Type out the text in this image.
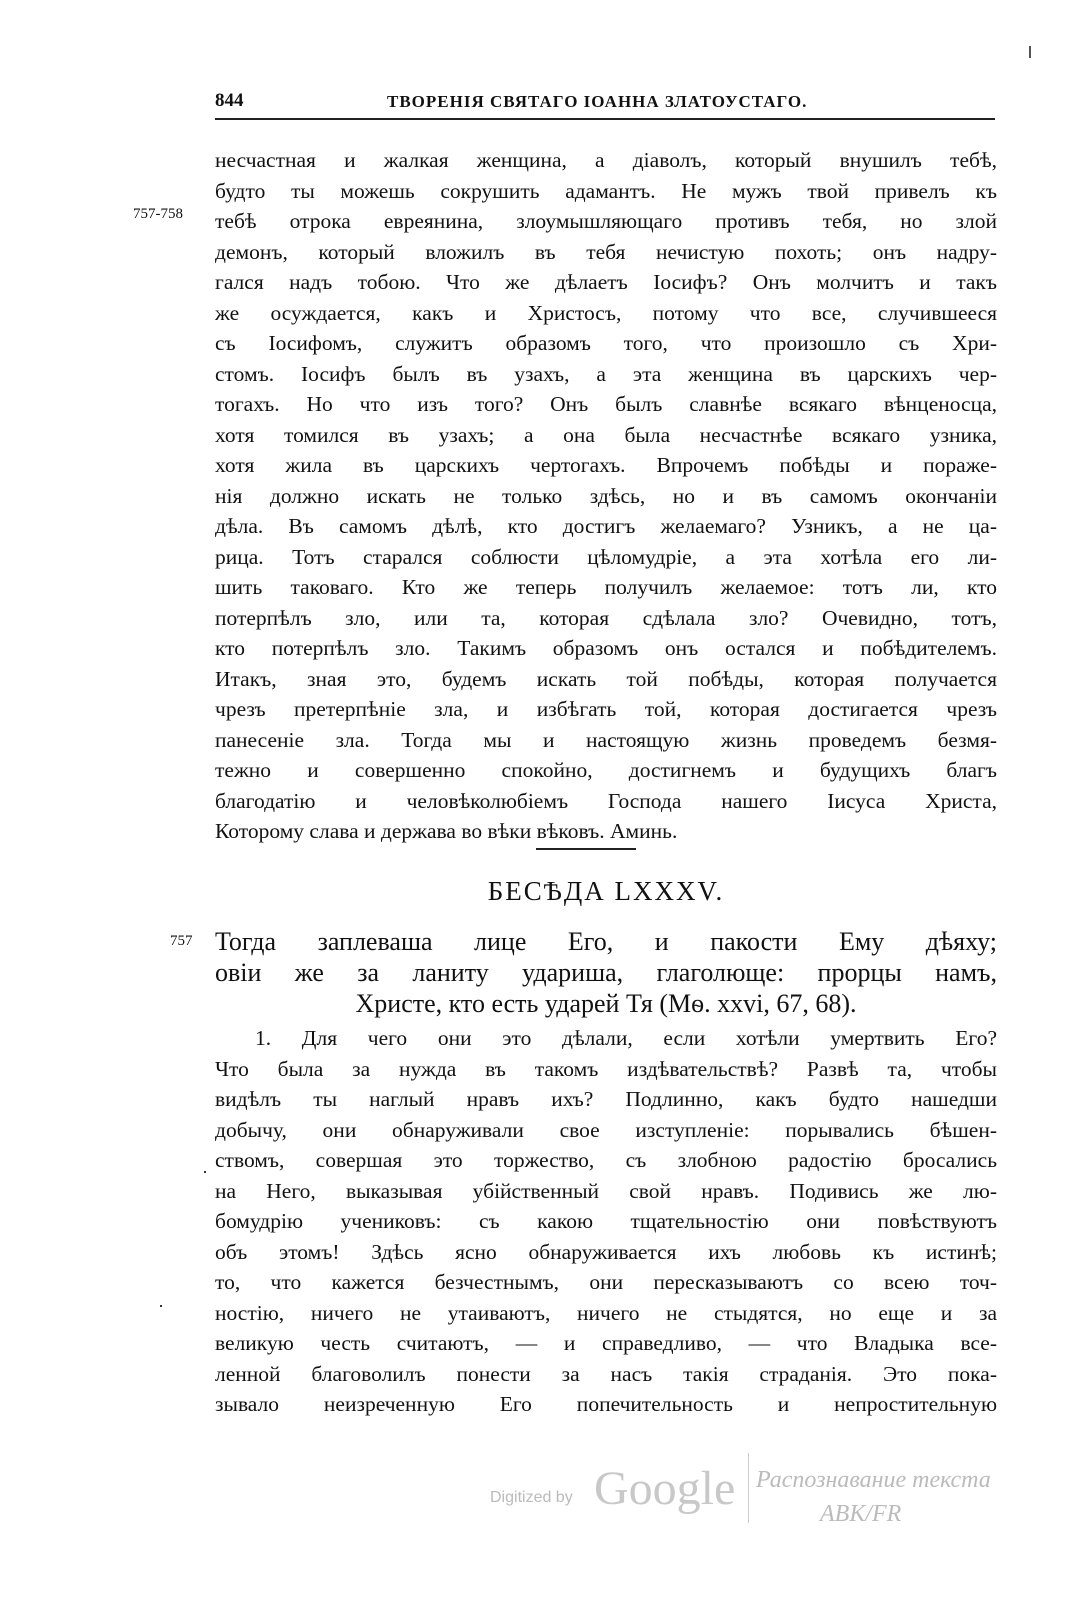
844	ТВОРЕНІЯ СВЯТАГО ІОАННА ЗЛАТОУСТАГО.
757-758
несчастная и жалкая женщина, а діаволъ, который внушилъ тебѣ,
будто ты можешь сокрушить адамантъ. Не мужъ твой привелъ къ
тебѣ отрока евреянина, злоумышляющаго противъ тебя, но злой
демонъ, который вложилъ въ тебя нечистую похоть; онъ надру-
гался надъ тобою. Что же дѣлаетъ Іосифъ? Онъ молчитъ и такъ
же осуждается, какъ и Христосъ, потому что все, случившееся
съ Іосифомъ, служитъ образомъ того, что произошло съ Хри-
стомъ. Іосифъ былъ въ узахъ, а эта женщина въ царскихъ чер-
тогахъ. Но что изъ того? Онъ былъ славнѣе всякаго вѣнценосца,
хотя томился въ узахъ; а она была несчастнѣе всякаго узника,
хотя жила въ царскихъ чертогахъ. Впрочемъ побѣды и пораже-
нія должно искать не только здѣсь, но и въ самомъ окончаніи
дѣла. Въ самомъ дѣлѣ, кто достигъ желаемаго? Узникъ, а не ца-
рица. Тотъ старался соблюсти цѣломудріе, а эта хотѣла его ли-
шить таковаго. Кто же теперь получилъ желаемое: тотъ ли, кто
потерпѣлъ зло, или та, которая сдѣлала зло? Очевидно, тотъ,
кто потерпѣлъ зло. Такимъ образомъ онъ остался и побѣдителемъ.
Итакъ, зная это, будемъ искать той побѣды, которая получается
чрезъ претерпѣніе зла, и избѣгать той, которая достигается чрезъ
панесеніе зла. Тогда мы и настоящую жизнь проведемъ безмя-
тежно и совершенно спокойно, достигнемъ и будущихъ благъ
благодатію и человѣколюбіемъ Господа нашего Іисуса Христа,
Которому слава и держава во вѣки вѣковъ. Аминь.
БЕСѢДА LXXXV.
757 Тогда заплеваша лице Его, и пакости Ему дѣяху;
овіи же за ланиту удариша, глаголюще: прорцы намъ,
Христе, кто есть ударей Тя (Мѳ. xxvi, 67, 68).
1. Для чего они это дѣлали, если хотѣли умертвить Его?
Что была за нужда въ такомъ издѣвательствѣ? Развѣ та, чтобы
видѣлъ ты наглый нравъ ихъ? Подлинно, какъ будто нашедши
добычу, они обнаруживали свое изступленіе: порывались бѣшен-
ствомъ, совершая это торжество, съ злобною радостію бросались
на Него, выказывая убійственный свой нравъ. Подивись же лю-
бомудрію учениковъ: съ какою тщательностію они повѣствуютъ
объ этомъ! Здѣсь ясно обнаруживается ихъ любовь къ истинѣ;
то, что кажется безчестнымъ, они пересказываютъ со всею точ-
ностію, ничего не утаиваютъ, ничего не стыдятся, но еще и за
великую честь считаютъ, — и справедливо, — что Владыка все-
ленной благоволилъ понести за насъ такія страданія. Это пока-
зывало неизреченную Его попечительность и непростительную
Digitized by Google Распознавание текста
ABK/FR
